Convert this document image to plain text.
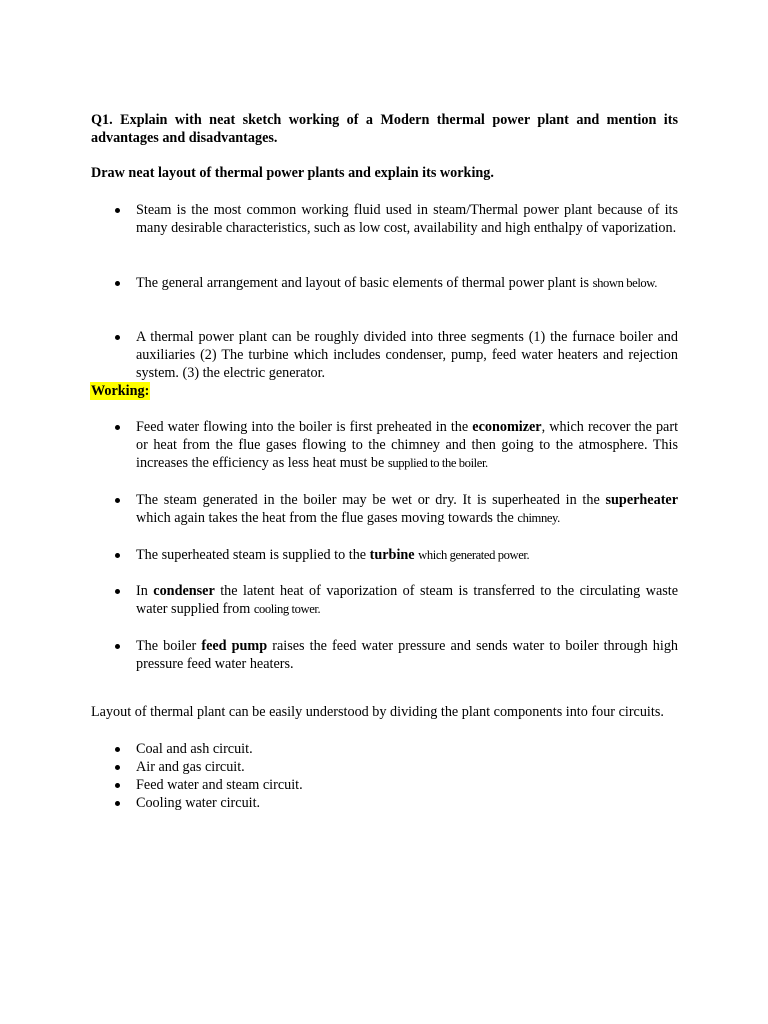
Q1. Explain with neat sketch working of a Modern thermal power plant and mention its advantages and disadvantages.
Draw neat layout of thermal power plants and explain its working.
Steam is the most common working fluid used in steam/Thermal power plant because of its many desirable characteristics, such as low cost, availability and high enthalpy of vaporization.
The general arrangement and layout of basic elements of thermal power plant is shown below.
A thermal power plant can be roughly divided into three segments (1) the furnace boiler and auxiliaries (2) The turbine which includes condenser, pump, feed water heaters and rejection system. (3) the electric generator.
Working:
Feed water flowing into the boiler is first preheated in the economizer, which recover the part or heat from the flue gases flowing to the chimney and then going to the atmosphere. This increases the efficiency as less heat must be supplied to the boiler.
The steam generated in the boiler may be wet or dry. It is superheated in the superheater which again takes the heat from the flue gases moving towards the chimney.
The superheated steam is supplied to the turbine which generated power.
In condenser the latent heat of vaporization of steam is transferred to the circulating waste water supplied from cooling tower.
The boiler feed pump raises the feed water pressure and sends water to boiler through high pressure feed water heaters.
Layout of thermal plant can be easily understood by dividing the plant components into four circuits.
Coal and ash circuit.
Air and gas circuit.
Feed water and steam circuit.
Cooling water circuit.
